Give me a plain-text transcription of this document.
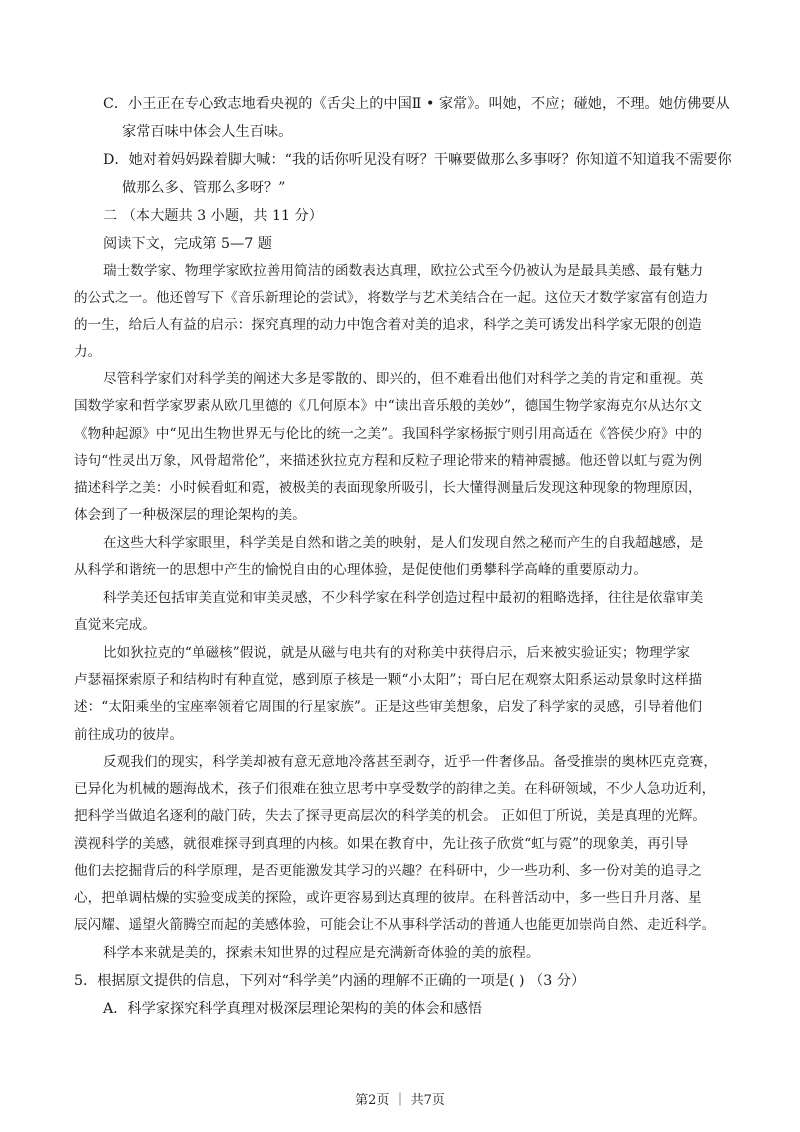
C．小王正在专心致志地看央视的《舌尖上的中国Ⅱ • 家常》。叫她，不应；碰她，不理。她仿佛要从
家常百味中体会人生百味。
D．她对着妈妈跺着脚大喊：“我的话你听见没有呀？干嘛要做那么多事呀？你知道不知道我不需要你
做那么多、管那么多呀？”
二 （本大题共 3 小题，共 11 分）
阅读下文，完成第 5—7 题
瑞士数学家、物理学家欧拉善用简洁的函数表达真理，欧拉公式至今仍被认为是最具美感、最有魅力
的公式之一。他还曾写下《音乐新理论的尝试》，将数学与艺术美结合在一起。这位天才数学家富有创造力
的一生，给后人有益的启示：探究真理的动力中饱含着对美的追求，科学之美可诱发出科学家无限的创造
力。
尽管科学家们对科学美的阐述大多是零散的、即兴的，但不难看出他们对科学之美的肯定和重视。英
国数学家和哲学家罗素从欧几里德的《几何原本》中“读出音乐般的美妙”，德国生物学家海克尔从达尔文
《物种起源》中“见出生物世界无与伦比的统一之美”。我国科学家杨振宁则引用高适在《答侯少府》中的
诗句“性灵出万象，风骨超常伦”，来描述狄拉克方程和反粒子理论带来的精神震撼。他还曾以虹与霓为例
描述科学之美：小时候看虹和霓，被极美的表面现象所吸引，长大懂得测量后发现这种现象的物理原因，
体会到了一种极深层的理论架构的美。
在这些大科学家眼里，科学美是自然和谐之美的映射，是人们发现自然之秘而产生的自我超越感，是
从科学和谐统一的思想中产生的愉悦自由的心理体验，是促使他们勇攀科学高峰的重要原动力。
科学美还包括审美直觉和审美灵感，不少科学家在科学创造过程中最初的粗略选择，往往是依靠审美
直觉来完成。
比如狄拉克的“单磁核”假说，就是从磁与电共有的对称美中获得启示，后来被实验证实；物理学家
卢瑟福探索原子和结构时有种直觉，感到原子核是一颗“小太阳”；哥白尼在观察太阳系运动景象时这样描
述：“太阳乘坐的宝座率领着它周围的行星家族”。正是这些审美想象，启发了科学家的灵感，引导着他们
前往成功的彼岸。
反观我们的现实，科学美却被有意无意地冷落甚至剥夺，近乎一件奢侈品。备受推崇的奥林匹克竞赛，
已异化为机械的题海战术，孩子们很难在独立思考中享受数学的韵律之美。在科研领域，不少人急功近利，
把科学当做追名逐利的敲门砖，失去了探寻更高层次的科学美的机会。 正如但丁所说，美是真理的光辉。
漠视科学的美感，就很难探寻到真理的内核。如果在教育中，先让孩子欣赏“虹与霓”的现象美，再引导
他们去挖掘背后的科学原理，是否更能激发其学习的兴趣？在科研中，少一些功利、多一份对美的追寻之
心，把单调枯燥的实验变成美的探险，或许更容易到达真理的彼岸。在科普活动中，多一些日升月落、星
辰闪耀、遥望火箭腾空而起的美感体验，可能会让不从事科学活动的普通人也能更加崇尚自然、走近科学。
科学本来就是美的，探索未知世界的过程应是充满新奇体验的美的旅程。
5．根据原文提供的信息，下列对“科学美”内涵的理解不正确的一项是( ) （3 分）
A．科学家探究科学真理对极深层理论架构的美的体会和感悟
第2页 ｜ 共7页
